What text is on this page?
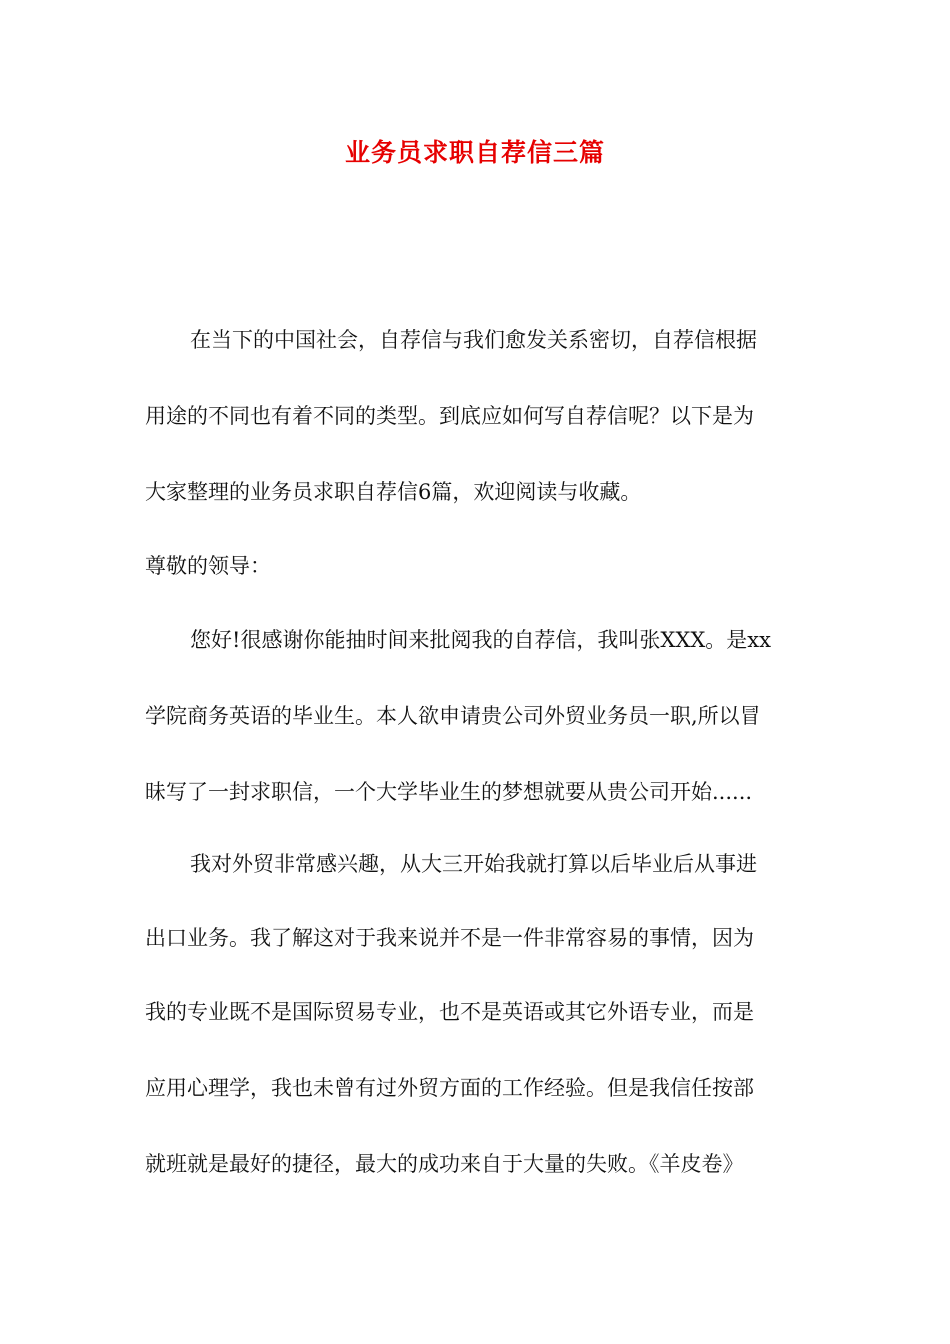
业务员求职自荐信三篇
在当下的中国社会，自荐信与我们愈发关系密切，自荐信根据
用途的不同也有着不同的类型。到底应如何写自荐信呢？以下是为
大家整理的业务员求职自荐信6篇，欢迎阅读与收藏。
尊敬的领导：
您好!很感谢你能抽时间来批阅我的自荐信，我叫张XXX。是xx
学院商务英语的毕业生。本人欲申请贵公司外贸业务员一职,所以冒
昧写了一封求职信，一个大学毕业生的梦想就要从贵公司开始......
我对外贸非常感兴趣，从大三开始我就打算以后毕业后从事进
出口业务。我了解这对于我来说并不是一件非常容易的事情，因为
我的专业既不是国际贸易专业，也不是英语或其它外语专业，而是
应用心理学，我也未曾有过外贸方面的工作经验。但是我信任按部
就班就是最好的捷径，最大的成功来自于大量的失败。《羊皮卷》
